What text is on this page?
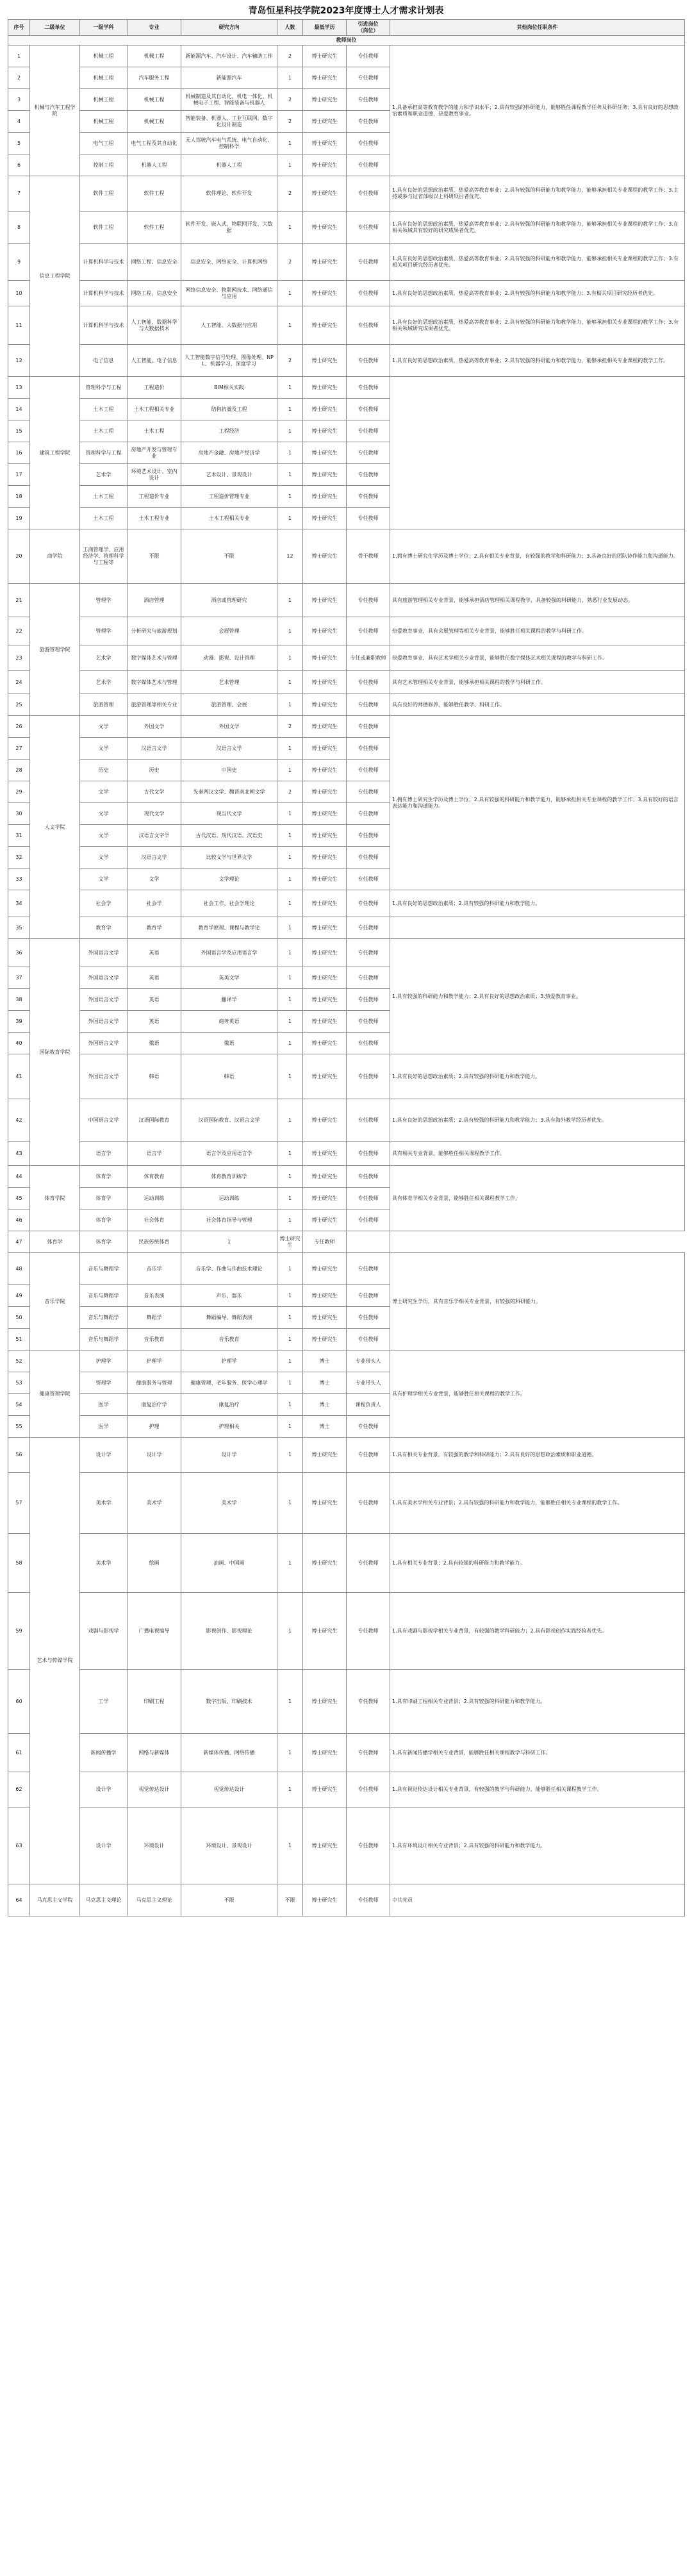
青岛恒星科技学院2023年度博士人才需求计划表
序号	二级单位	一级学科	专业	研究方向	人数	最低学历	引进岗位
（岗位）	其他岗位任职条件
教师岗位								
1	机械与汽车工程学院	机械工程	机械工程	新能源汽车、汽车设计、汽车辅助工作	2	博士研究生	专任教师	1.具备承担高等教育教学的能力和学识水平；2.具有较强的科研能力，能够胜任课程教学任务及科研任务；3.具有良好的思想政治素质和职业道德，热爱教育事业。
2		机械工程	汽车服务工程	新能源汽车	1	博士研究生	专任教师	
3		机械工程	机械工程	机械制造及其自动化、机电一体化、机械电子工程、智能装备与机器人	2	博士研究生	专任教师	
4		机械工程	机械工程	智能装备、机器人、工业互联网、数字化设计制造	2	博士研究生	专任教师	
5		电气工程	电气工程及其自动化	无人驾驶汽车电气系统、电气自动化、控制科学	1	博士研究生	专任教师	
6		控制工程	机器人工程	机器人工程	1	博士研究生	专任教师	
7	信息工程学院	软件工程	软件工程	软件理论、软件开发	2	博士研究生	专任教师	1.具有良好的思想政治素质，热爱高等教育事业；2.具有较强的科研能力和教学能力，能够承担相关专业课程的教学工作；3.主持或参与过省部级以上科研项目者优先。
8		软件工程	软件工程	软件开发、嵌入式、物联网开发、大数据	1	博士研究生	专任教师	1.具有良好的思想政治素质，热爱高等教育事业；2.具有较强的科研能力和教学能力，能够承担相关专业课程的教学工作；3.在相关领域具有较好的研究成果者优先。
9		计算机科学与技术	网络工程、信息安全	信息安全、网络安全、计算机网络	2	博士研究生	专任教师	1.具有良好的思想政治素质，热爱高等教育事业；2.具有较强的科研能力和教学能力，能够承担相关专业课程的教学工作；3.有相关项目研究经历者优先。
10		计算机科学与技术	网络工程、信息安全	网络信息安全、物联网技术、网络通信与应用	1	博士研究生	专任教师	1.具有良好的思想政治素质，热爱高等教育事业；2.具有较强的科研能力和教学能力；3.有相关项目研究经历者优先。
11		计算机科学与技术	人工智能、数据科学与大数据技术	人工智能、大数据与应用	1	博士研究生	专任教师	1.具有良好的思想政治素质，热爱高等教育事业；2.具有较强的科研能力和教学能力，能够承担相关专业课程的教学工作；3.有相关领域研究成果者优先。
12		电子信息	人工智能、电子信息	人工智能数字信号处理、图像处理、NPL、机器学习、深度学习	2	博士研究生	专任教师	1.具有良好的思想政治素质，热爱高等教育事业；2.具有较强的科研能力和教学能力，能够承担相关专业课程的教学工作。
13	建筑工程学院	管理科学与工程	工程造价	BIM相关实践	1	博士研究生	专任教师	
14		土木工程	土木工程相关专业	结构抗震及工程	1	博士研究生	专任教师	
15		土木工程	土木工程	工程经济	1	博士研究生	专任教师	
16		管理科学与工程	房地产开发与管理专业	房地产金融、房地产经济学	1	博士研究生	专任教师	
17		艺术学	环境艺术设计、室内设计	艺术设计、景观设计	1	博士研究生	专任教师	
18		土木工程	工程造价专业	工程造价管理专业	1	博士研究生	专任教师	
19		土木工程	土木工程专业	土木工程相关专业	1	博士研究生	专任教师	
20	商学院	工商管理学、应用经济学、管理科学与工程等	不限	不限	12	博士研究生	骨干教师	1.拥有博士研究生学历及博士学位；2.具有相关专业背景，有较强的教学和科研能力；3.具备良好的团队协作能力和沟通能力。
21	旅游管理学院	管理学	酒店管理	酒店或管理研究	1	博士研究生	专任教师	具有旅游管理相关专业背景，能够承担酒店管理相关课程教学，具备较强的科研能力，熟悉行业发展动态。
22		管理学	分析研究与旅游规划	会展管理	1	博士研究生	专任教师	热爱教育事业，具有会展管理等相关专业背景，能够胜任相关课程的教学与科研工作。
23		艺术学	数字媒体艺术与管理	动漫、影视、设计管理	1	博士研究生	专任或兼职教师	热爱教育事业，具有艺术学相关专业背景，能够胜任数字媒体艺术相关课程的教学与科研工作。
24		艺术学	数字媒体艺术与管理	艺术管理	1	博士研究生	专任教师	具有艺术管理相关专业背景，能够承担相关课程的教学与科研工作。
25		旅游管理	旅游管理等相关专业	旅游管理、会展	1	博士研究生	专任教师	具有良好的师德修养，能够胜任教学、科研工作。
26	人文学院	文学	外国文学	外国文学	2	博士研究生	专任教师	1.拥有博士研究生学历及博士学位；2.具有较强的科研能力和教学能力，能够承担相关专业课程的教学工作；3.具有较好的语言表达能力和沟通能力。
27		文学	汉语言文学	汉语言文学	1	博士研究生	专任教师	
28		历史	历史	中国史	1	博士研究生	专任教师	
29		文学	古代文学	先秦两汉文学、魏晋南北朝文学	2	博士研究生	专任教师	
30		文学	现代文学	现当代文学	1	博士研究生	专任教师	
31		文学	汉语言文字学	古代汉语、现代汉语、汉语史	1	博士研究生	专任教师	
32		文学	汉语言文学	比较文学与世界文学	1	博士研究生	专任教师	
33		文学	文学	文学理论	1	博士研究生	专任教师	
34		社会学	社会学	社会工作、社会学理论	1	博士研究生	专任教师	1.具有良好的思想政治素质；2.具有较强的科研能力和教学能力。
35		教育学	教育学	教育学原理、课程与教学论	1	博士研究生	专任教师	
36	国际教育学院	外国语言文学	英语	外国语言学及应用语言学	1	博士研究生	专任教师	1.具有较强的科研能力和教学能力；2.具有良好的思想政治素质；3.热爱教育事业。
37		外国语言文学	英语	英美文学	1	博士研究生	专任教师	
38		外国语言文学	英语	翻译学	1	博士研究生	专任教师	
39		外国语言文学	英语	商务英语	1	博士研究生	专任教师	
40		外国语言文学	俄语	俄语	1	博士研究生	专任教师	
41		外国语言文学	韩语	韩语	1	博士研究生	专任教师	1.具有良好的思想政治素质；2.具有较强的科研能力和教学能力。
42		中国语言文学	汉语国际教育	汉语国际教育、汉语言文学	1	博士研究生	专任教师	1.具有良好的思想政治素质；2.具有较强的科研能力和教学能力；3.具有海外教学经历者优先。
43		语言学	语言学	语言学及应用语言学	1	博士研究生	专任教师	具有相关专业背景，能够胜任相关课程教学工作。
44	体育学院	体育学	体育教育	体育教育训练学	1	博士研究生	专任教师	具有体育学相关专业背景，能够胜任相关课程教学工作。
45		体育学	运动训练	运动训练	1	博士研究生	专任教师	
46		体育学	社会体育	社会体育指导与管理	1	博士研究生	专任教师	
47	体育学	体育学	民族传统体育	1	博士研究生	专任教师		
48	音乐学院	音乐与舞蹈学	音乐学	音乐学、作曲与作曲技术理论	1	博士研究生	专任教师	博士研究生学历，具有音乐学相关专业背景，有较强的科研能力。
49		音乐与舞蹈学	音乐表演	声乐、器乐	1	博士研究生	专任教师	
50		音乐与舞蹈学	舞蹈学	舞蹈编导、舞蹈表演	1	博士研究生	专任教师	
51		音乐与舞蹈学	音乐教育	音乐教育	1	博士研究生	专任教师	
52	健康管理学院	护理学	护理学	护理学	1	博士	专业带头人	具有护理学相关专业背景，能够胜任相关课程的教学工作。
53		管理学	健康服务与管理	健康管理、老年服务、医学心理学	1	博士	专业带头人	
54		医学	康复治疗学	康复治疗	1	博士	课程负责人	
55		医学	护理	护理相关	1	博士	专任教师	
56	艺术与传媒学院	设计学	设计学	设计学	1	博士研究生	专任教师	1.具有相关专业背景，有较强的教学和科研能力；2.具有良好的思想政治素质和职业道德。
57		美术学	美术学	美术学	1	博士研究生	专任教师	1.具有美术学相关专业背景；2.具有较强的科研能力和教学能力，能够胜任相关专业课程的教学工作。
58		美术学	绘画	油画、中国画	1	博士研究生	专任教师	1.具有相关专业背景；2.具有较强的科研能力和教学能力。
59		戏剧与影视学	广播电视编导	影视创作、影视理论	1	博士研究生	专任教师	1.具有戏剧与影视学相关专业背景，有较强的教学科研能力；2.具有影视创作实践经验者优先。
60		工学	印刷工程	数字出版、印刷技术	1	博士研究生	专任教师	1.具有印刷工程相关专业背景；2.具有较强的科研能力和教学能力。
61		新闻传播学	网络与新媒体	新媒体传播、网络传播	1	博士研究生	专任教师	1.具有新闻传播学相关专业背景，能够胜任相关课程教学与科研工作。
62		设计学	视觉传达设计	视觉传达设计	1	博士研究生	专任教师	1.具有视觉传达设计相关专业背景，有较强的教学与科研能力，能够胜任相关课程教学工作。
63		设计学	环境设计	环境设计、景观设计	1	博士研究生	专任教师	1.具有环境设计相关专业背景；2.具有较强的科研能力和教学能力。
64	马克思主义学院	马克思主义理论	马克思主义理论	不限	不限	博士研究生	专任教师	中共党员
